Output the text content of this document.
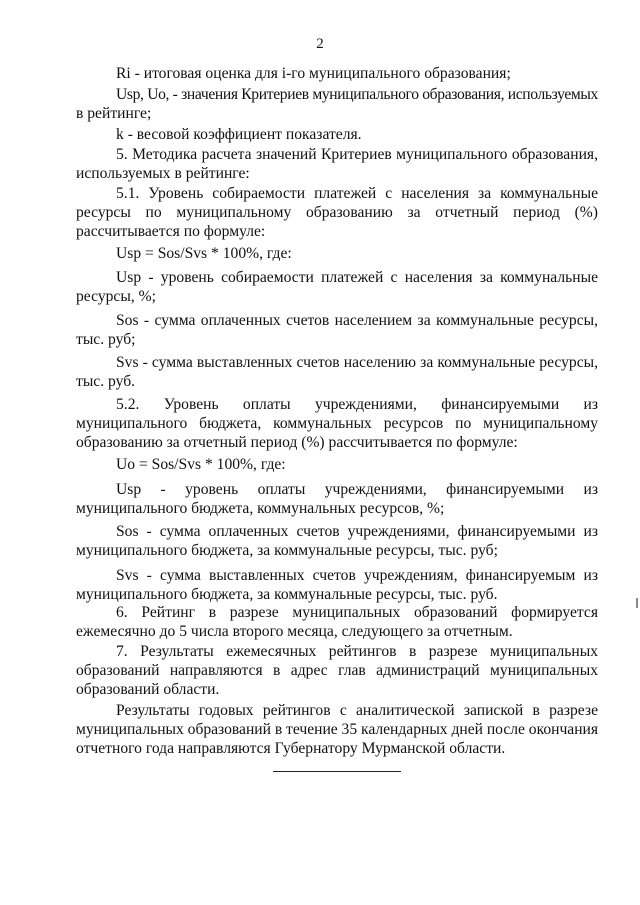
2
Ri - итоговая оценка для i-го муниципального образования;
Usp, Uo, - значения Критериев муниципального образования, используемых
в рейтинге;
k - весовой коэффициент показателя.
5. Методика расчета значений Критериев муниципального образования,
используемых в рейтинге:
5.1. Уровень собираемости платежей с населения за коммунальные
ресурсы по муниципальному образованию за отчетный период (%)
рассчитывается по формуле:
Usp = Sos/Svs * 100%, где:
Usp - уровень собираемости платежей с населения за коммунальные
ресурсы, %;
Sos - сумма оплаченных счетов населением за коммунальные ресурсы,
тыс. руб;
Svs - сумма выставленных счетов населению за коммунальные ресурсы,
тыс. руб.
5.2. Уровень оплаты учреждениями, финансируемыми из
муниципального бюджета, коммунальных ресурсов по муниципальному
образованию за отчетный период (%) рассчитывается по формуле:
Uo = Sos/Svs * 100%, где:
Usp - уровень оплаты учреждениями, финансируемыми из
муниципального бюджета, коммунальных ресурсов, %;
Sos - сумма оплаченных счетов учреждениями, финансируемыми из
муниципального бюджета, за коммунальные ресурсы, тыс. руб;
Svs - сумма выставленных счетов учреждениям, финансируемым из
муниципального бюджета, за коммунальные ресурсы, тыс. руб.
6. Рейтинг в разрезе муниципальных образований формируется
ежемесячно до 5 числа второго месяца, следующего за отчетным.
7. Результаты ежемесячных рейтингов в разрезе муниципальных
образований направляются в адрес глав администраций муниципальных
образований области.
Результаты годовых рейтингов с аналитической запиской в разрезе
муниципальных образований в течение 35 календарных дней после окончания
отчетного года направляются Губернатору Мурманской области.
